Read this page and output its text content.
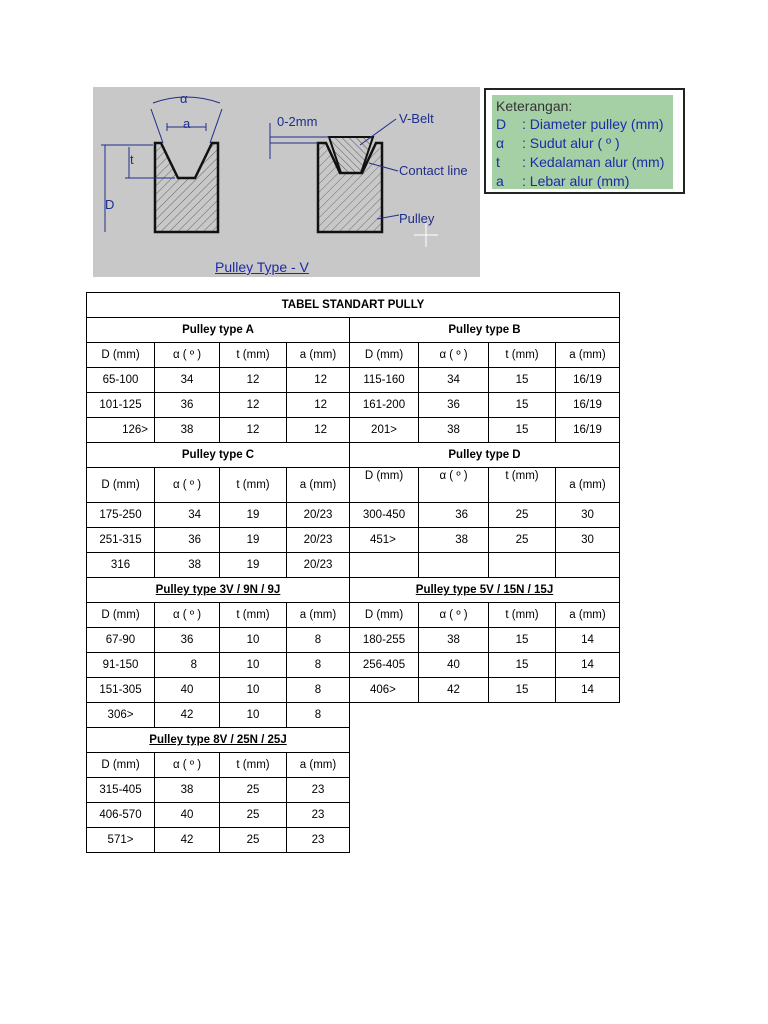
α
a
t
D
0-2mm	V-Belt
Contact line
Pulley
Pulley Type - V
Keterangan:
D	: Diameter pulley (mm)
α	: Sudut alur ( º )
t	: Kedalaman alur (mm)
a	: Lebar alur (mm)
TABEL STANDART PULLY							
Pulley type A				Pulley type B			
D (mm)	α ( º )	t (mm)	a (mm)	D (mm)	α ( º )	t (mm)	a (mm)
65-100	34	12	12	115-160	34	15	16/19
101-125	36	12	12	161-200	36	15	16/19
126>	38	12	12	201>	38	15	16/19
Pulley type C				Pulley type D			
D (mm)	α ( º )	t (mm)	a (mm)	D (mm)	α ( º )	t (mm)	a (mm)
175-250	34	19	20/23	300-450	36	25	30
251-315	36	19	20/23	451>	38	25	30
316	38	19	20/23				
Pulley type 3V / 9N / 9J				Pulley type 5V / 15N / 15J			
D (mm)	α ( º )	t (mm)	a (mm)	D (mm)	α ( º )	t (mm)	a (mm)
67-90	36	10	8	180-255	38	15	14
91-150	8	10	8	256-405	40	15	14
151-305	40	10	8	406>	42	15	14
306>	42	10	8				
Pulley type 8V / 25N / 25J							
D (mm)	α ( º )	t (mm)	a (mm)				
315-405	38	25	23				
406-570	40	25	23				
571>	42	25	23				
